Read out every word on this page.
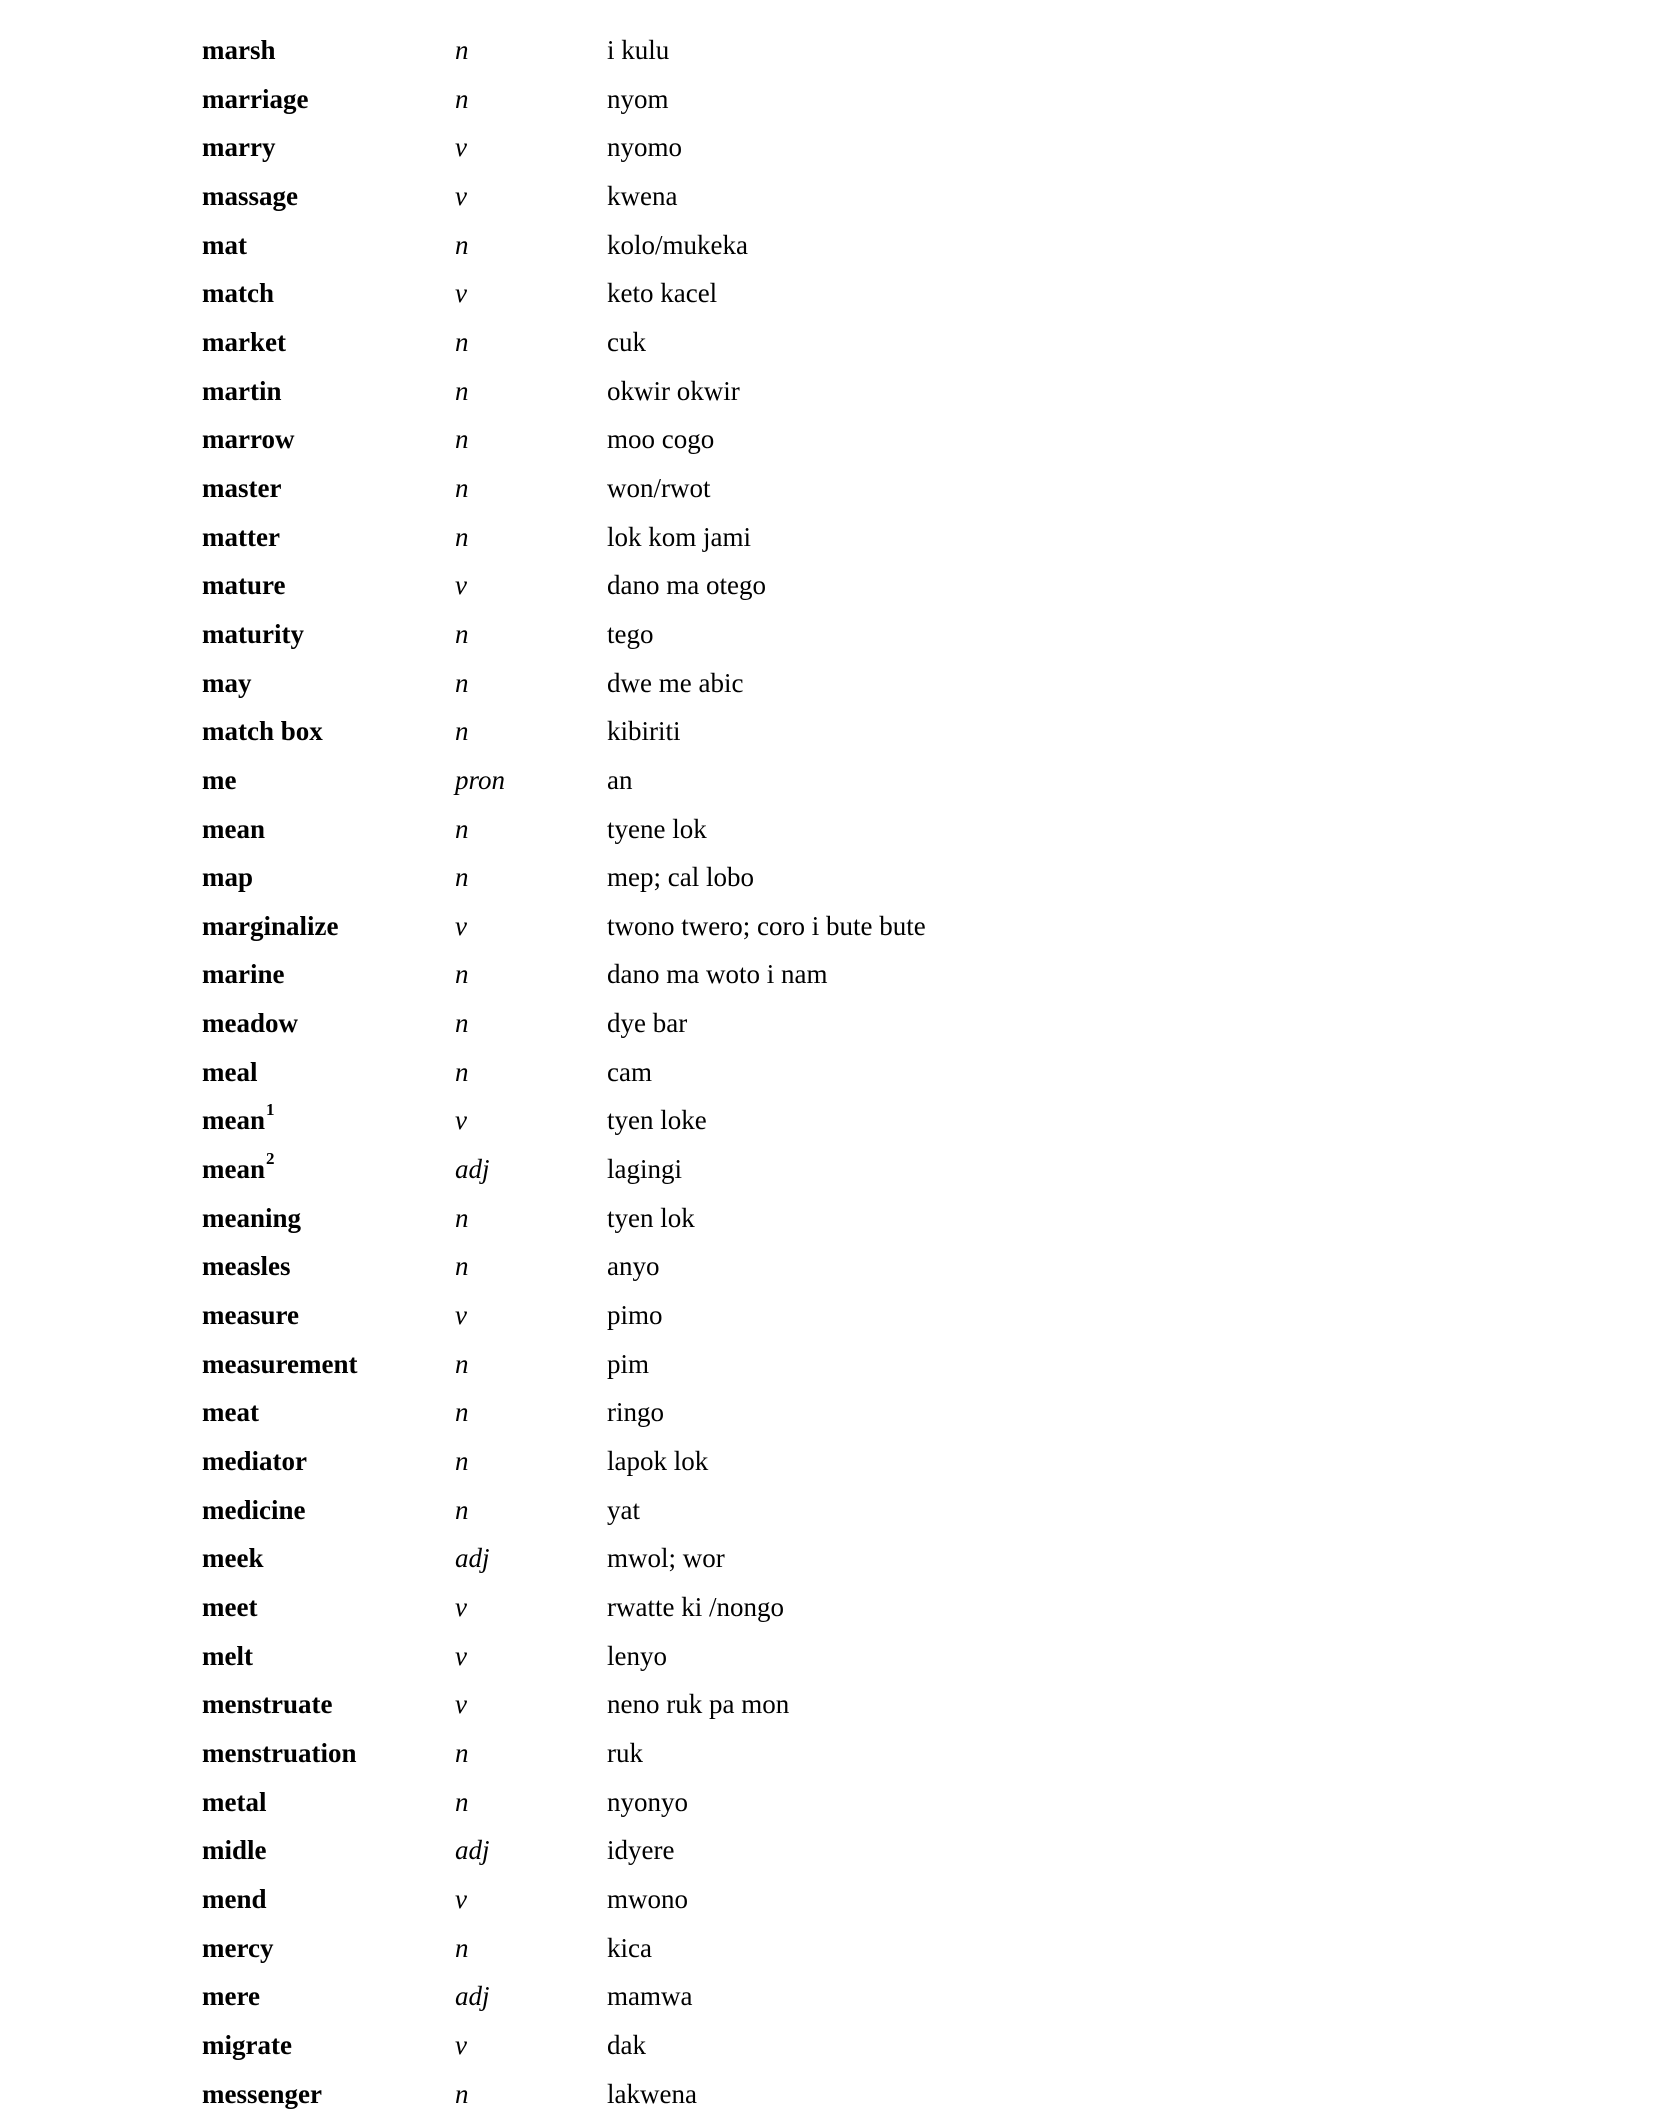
marsh	n	i kulu
marriage	n	nyom
marry	v	nyomo
massage	v	kwena
mat	n	kolo/mukeka
match	v	keto kacel
market	n	cuk
martin	n	okwir okwir
marrow	n	moo cogo
master	n	won/rwot
matter	n	lok kom jami
mature	v	dano ma otego
maturity	n	tego
may	n	dwe me abic
match box	n	kibiriti
me	pron	an
mean	n	tyene lok
map	n	mep; cal lobo
marginalize	v	twono twero; coro i bute bute
marine	n	dano ma woto i nam
meadow	n	dye bar
meal	n	cam
mean$^1$	v	tyen loke
mean$^2$	adj	lagingi
meaning	n	tyen lok
measles	n	anyo
measure	v	pimo
measurement	n	pim
meat	n	ringo
mediator	n	lapok lok
medicine	n	yat
meek	adj	mwol; wor
meet	v	rwatte ki /nongo
melt	v	lenyo
menstruate	v	neno ruk pa mon
menstruation	n	ruk
metal	n	nyonyo
midle	adj	idyere
mend	v	mwono
mercy	n	kica
mere	adj	mamwa
migrate	v	dak
messenger	n	lakwena
